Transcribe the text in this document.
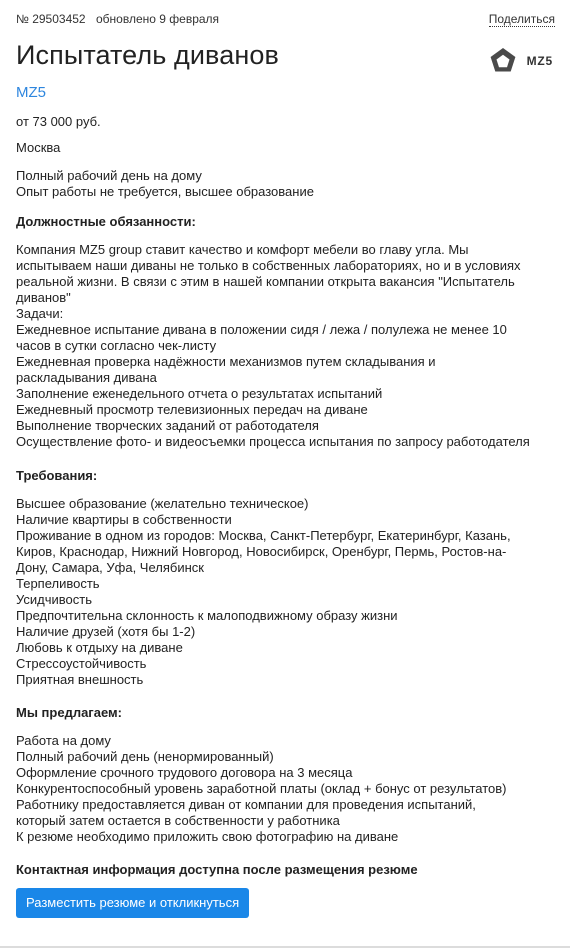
№ 29503452 обновлено 9 февраля	Поделиться
Испытатель диванов	MZ5
MZ5
от 73 000 руб.
Москва
Полный рабочий день на дому
Опыт работы не требуется, высшее образование
Должностные обязанности:
Компания MZ5 group ставит качество и комфорт мебели во главу угла. Мы
испытываем наши диваны не только в собственных лабораториях, но и в условиях
реальной жизни. В связи с этим в нашей компании открыта вакансия "Испытатель
диванов"
Задачи:
Ежедневное испытание дивана в положении сидя / лежа / полулежа не менее 10
часов в сутки согласно чек-листу
Ежедневная проверка надёжности механизмов путем складывания и
раскладывания дивана
Заполнение еженедельного отчета о результатах испытаний
Ежедневный просмотр телевизионных передач на диване
Выполнение творческих заданий от работодателя
Осуществление фото- и видеосъемки процесса испытания по запросу работодателя
Требования:
Высшее образование (желательно техническое)
Наличие квартиры в собственности
Проживание в одном из городов: Москва, Санкт-Петербург, Екатеринбург, Казань,
Киров, Краснодар, Нижний Новгород, Новосибирск, Оренбург, Пермь, Ростов-на-
Дону, Самара, Уфа, Челябинск
Терпеливость
Усидчивость
Предпочтительна склонность к малоподвижному образу жизни
Наличие друзей (хотя бы 1-2)
Любовь к отдыху на диване
Стрессоустойчивость
Приятная внешность
Мы предлагаем:
Работа на дому
Полный рабочий день (ненормированный)
Оформление срочного трудового договора на 3 месяца
Конкурентоспособный уровень заработной платы (оклад + бонус от результатов)
Работнику предоставляется диван от компании для проведения испытаний,
который затем остается в собственности у работника
К резюме необходимо приложить свою фотографию на диване
Контактная информация доступна после размещения резюме
Разместить резюме и откликнуться
